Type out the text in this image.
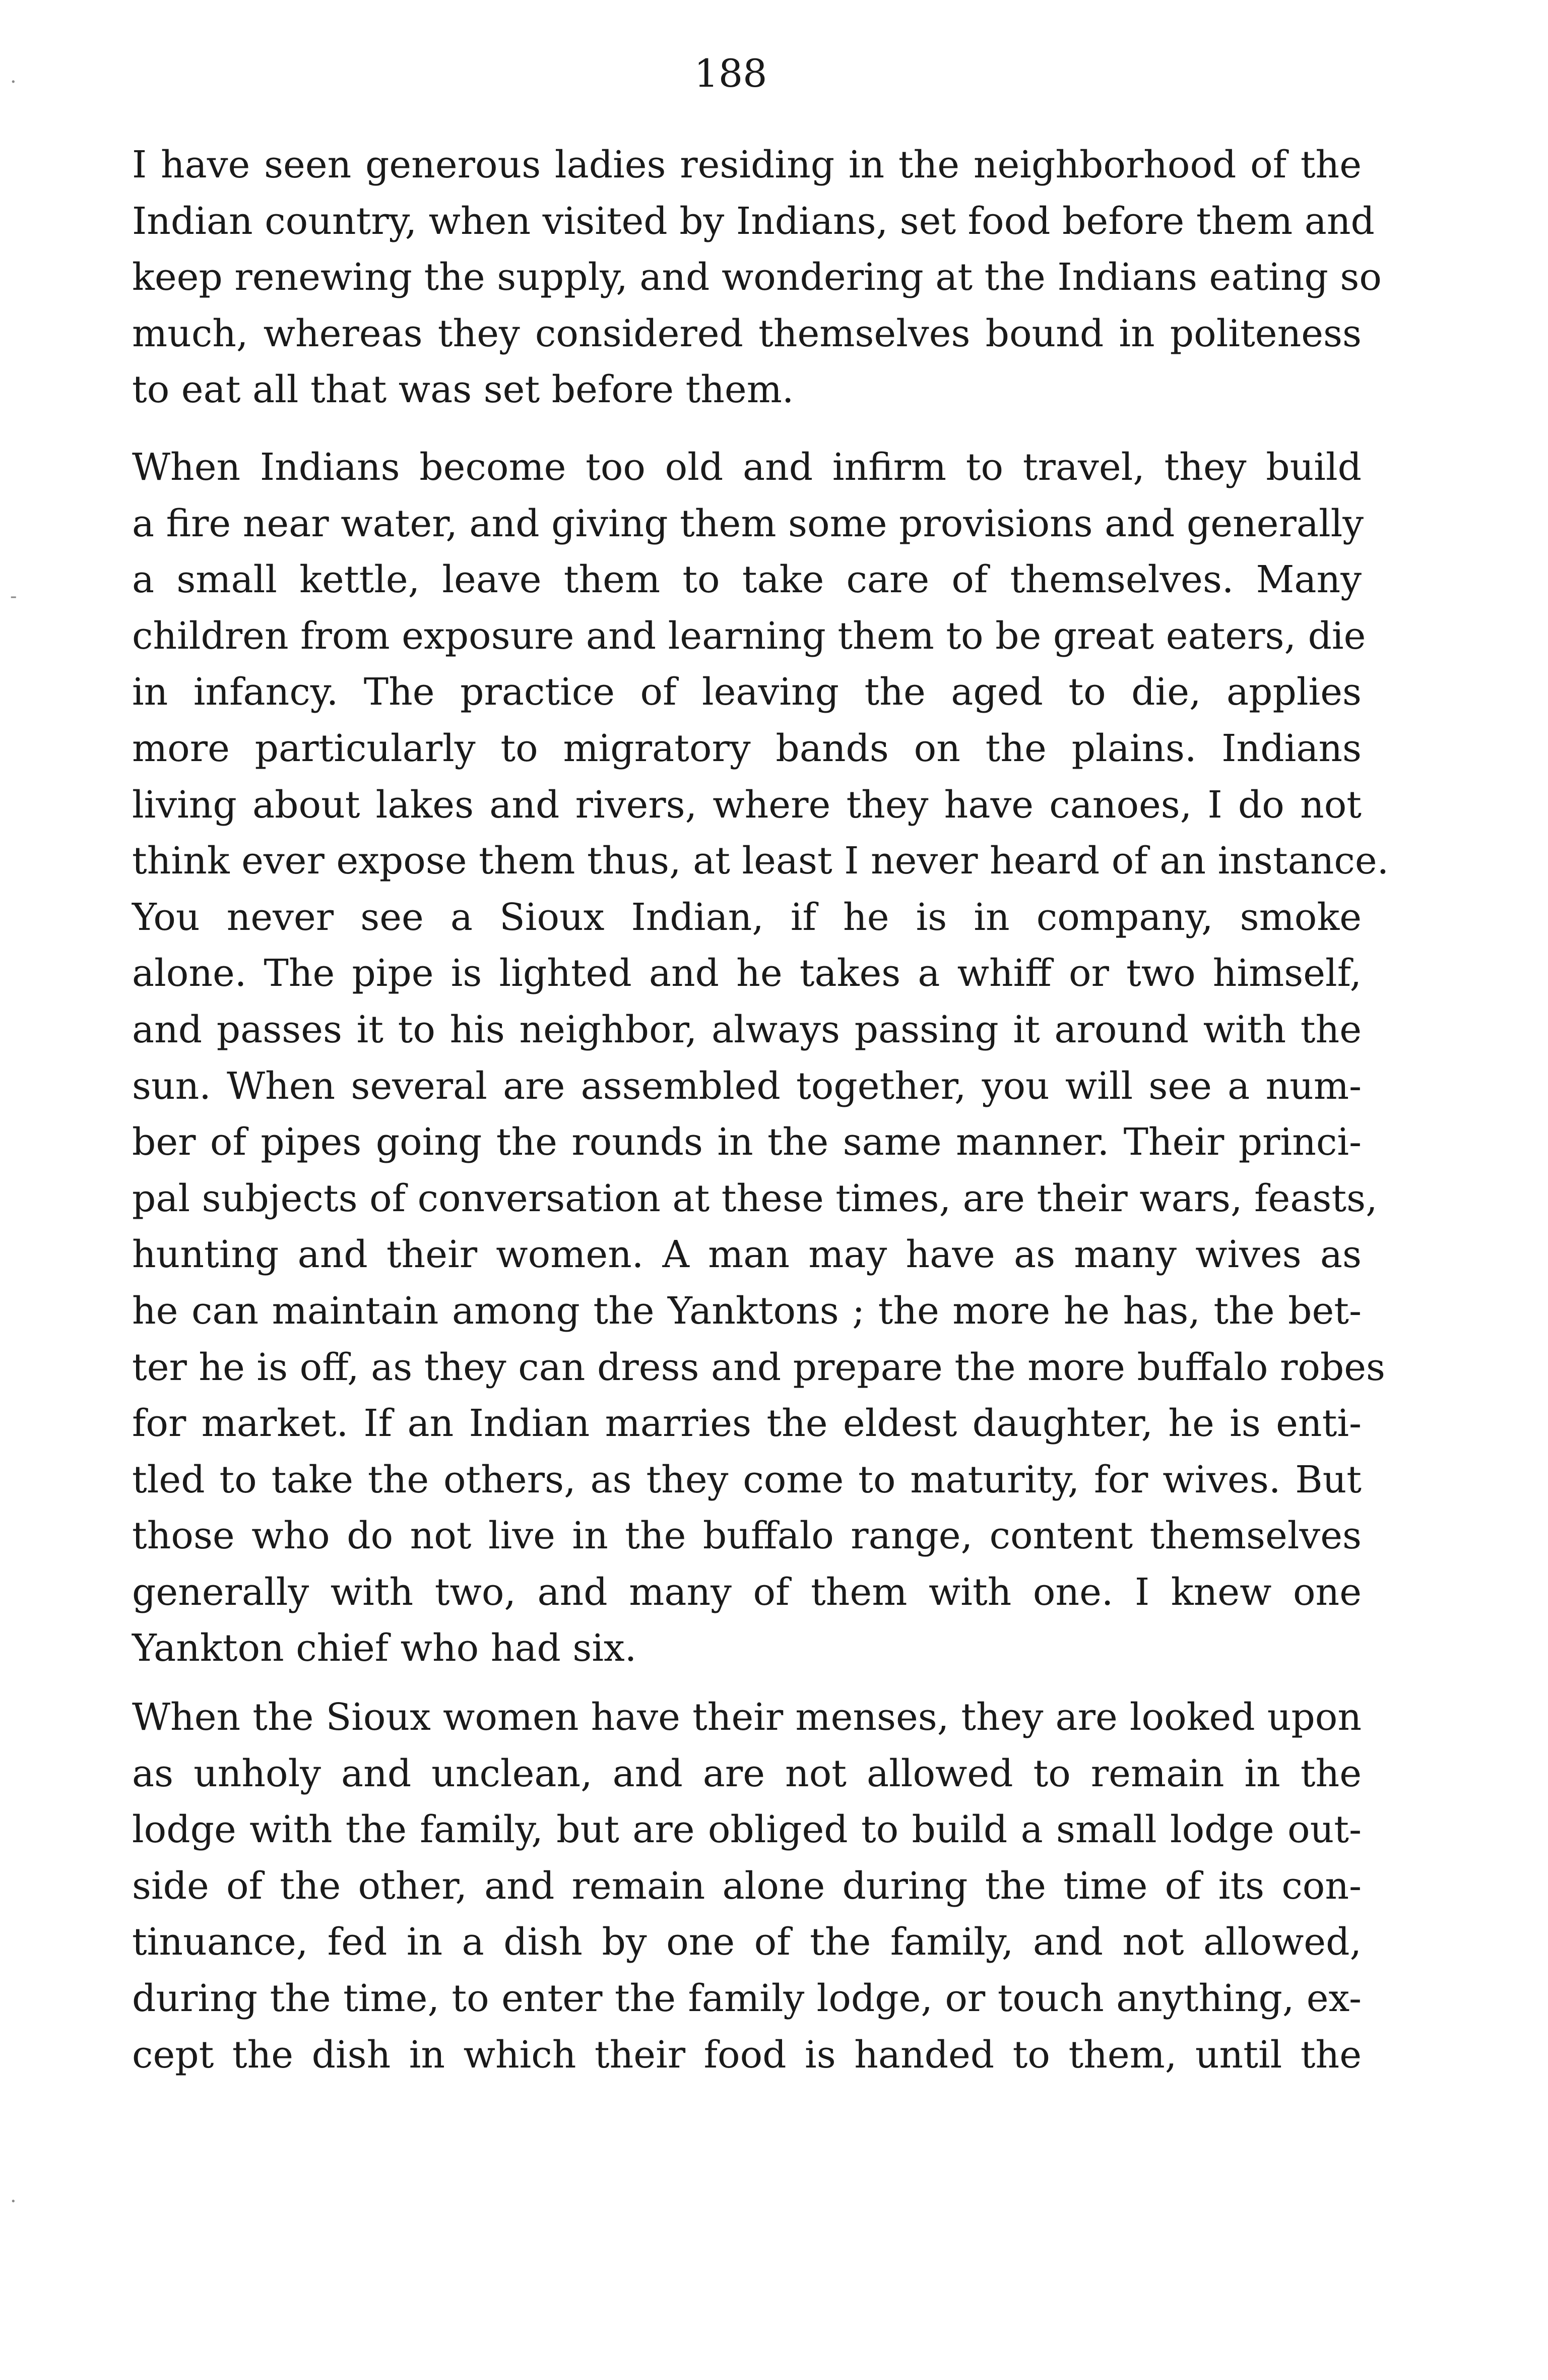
188
I have seen generous ladies residing in the neighborhood of the
Indian country, when visited by Indians, set food before them and
keep renewing the supply, and wondering at the Indians eating so
much, whereas they considered themselves bound in politeness
to eat all that was set before them.
When Indians become too old and infirm to travel, they build
a fire near water, and giving them some provisions and generally
a small kettle, leave them to take care of themselves. Many
children from exposure and learning them to be great eaters, die
in infancy. The practice of leaving the aged to die, applies
more particularly to migratory bands on the plains. Indians
living about lakes and rivers, where they have canoes, I do not
think ever expose them thus, at least I never heard of an instance.
You never see a Sioux Indian, if he is in company, smoke
alone. The pipe is lighted and he takes a whiff or two himself,
and passes it to his neighbor, always passing it around with the
sun. When several are assembled together, you will see a num-
ber of pipes going the rounds in the same manner. Their princi-
pal subjects of conversation at these times, are their wars, feasts,
hunting and their women. A man may have as many wives as
he can maintain among the Yanktons ; the more he has, the bet-
ter he is off, as they can dress and prepare the more buffalo robes
for market. If an Indian marries the eldest daughter, he is enti-
tled to take the others, as they come to maturity, for wives. But
those who do not live in the buffalo range, content themselves
generally with two, and many of them with one. I knew one
Yankton chief who had six.
When the Sioux women have their menses, they are looked upon
as unholy and unclean, and are not allowed to remain in the
lodge with the family, but are obliged to build a small lodge out-
side of the other, and remain alone during the time of its con-
tinuance, fed in a dish by one of the family, and not allowed,
during the time, to enter the family lodge, or touch anything, ex-
cept the dish in which their food is handed to them, until the
·
-
·
